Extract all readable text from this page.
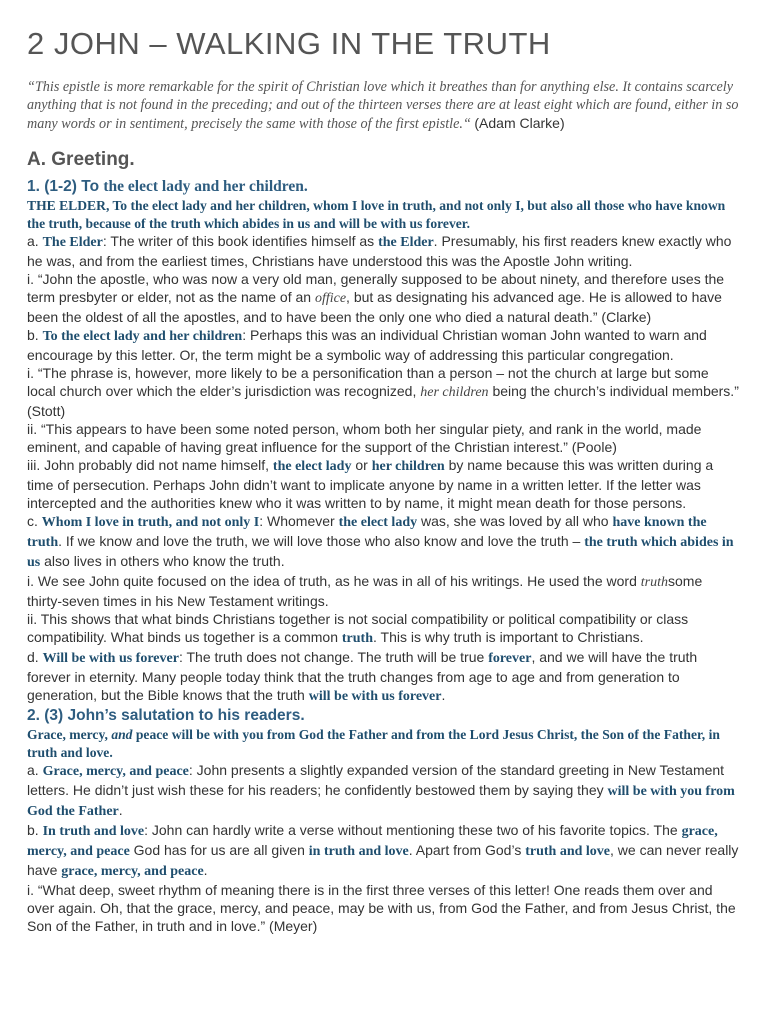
2 JOHN – WALKING IN THE TRUTH

“This epistle is more remarkable for the spirit of Christian love which it breathes than for anything else. It contains scarcely anything that is not found in the preceding; and out of the thirteen verses there are at least eight which are found, either in so many words or in sentiment, precisely the same with those of the first epistle.“ (Adam Clarke)

A. Greeting.
1. (1-2) To the elect lady and her children.

THE ELDER, To the elect lady and her children, whom I love in truth, and not only I, but also all those who have known the truth, because of the truth which abides in us and will be with us forever.

a. The Elder: The writer of this book identifies himself as the Elder. Presumably, his first readers knew exactly who he was, and from the earliest times, Christians have understood this was the Apostle John writing.

i. “John the apostle, who was now a very old man, generally supposed to be about ninety, and therefore uses the term presbyter or elder, not as the name of an office, but as designating his advanced age. He is allowed to have been the oldest of all the apostles, and to have been the only one who died a natural death.” (Clarke)

b. To the elect lady and her children: Perhaps this was an individual Christian woman John wanted to warn and encourage by this letter. Or, the term might be a symbolic way of addressing this particular congregation.

i. “The phrase is, however, more likely to be a personification than a person – not the church at large but some local church over which the elder’s jurisdiction was recognized, her children being the church’s individual members.” (Stott)

ii. “This appears to have been some noted person, whom both her singular piety, and rank in the world, made eminent, and capable of having great influence for the support of the Christian interest.” (Poole)

iii. John probably did not name himself, the elect lady or her children by name because this was written during a time of persecution. Perhaps John didn’t want to implicate anyone by name in a written letter. If the letter was intercepted and the authorities knew who it was written to by name, it might mean death for those persons.

c. Whom I love in truth, and not only I: Whomever the elect lady was, she was loved by all who have known the truth. If we know and love the truth, we will love those who also know and love the truth – the truth which abides in us also lives in others who know the truth.

i. We see John quite focused on the idea of truth, as he was in all of his writings. He used the word truthsome thirty-seven times in his New Testament writings.

ii. This shows that what binds Christians together is not social compatibility or political compatibility or class compatibility. What binds us together is a common truth. This is why truth is important to Christians.

d. Will be with us forever: The truth does not change. The truth will be true forever, and we will have the truth forever in eternity. Many people today think that the truth changes from age to age and from generation to generation, but the Bible knows that the truth will be with us forever.

2. (3) John’s salutation to his readers.

Grace, mercy, and peace will be with you from God the Father and from the Lord Jesus Christ, the Son of the Father, in truth and love.

a. Grace, mercy, and peace: John presents a slightly expanded version of the standard greeting in New Testament letters. He didn’t just wish these for his readers; he confidently bestowed them by saying they will be with you from God the Father.

b. In truth and love: John can hardly write a verse without mentioning these two of his favorite topics. The grace, mercy, and peace God has for us are all given in truth and love. Apart from God’s truth and love, we can never really have grace, mercy, and peace.

i. “What deep, sweet rhythm of meaning there is in the first three verses of this letter! One reads them over and over again. Oh, that the grace, mercy, and peace, may be with us, from God the Father, and from Jesus Christ, the Son of the Father, in truth and in love.” (Meyer)
